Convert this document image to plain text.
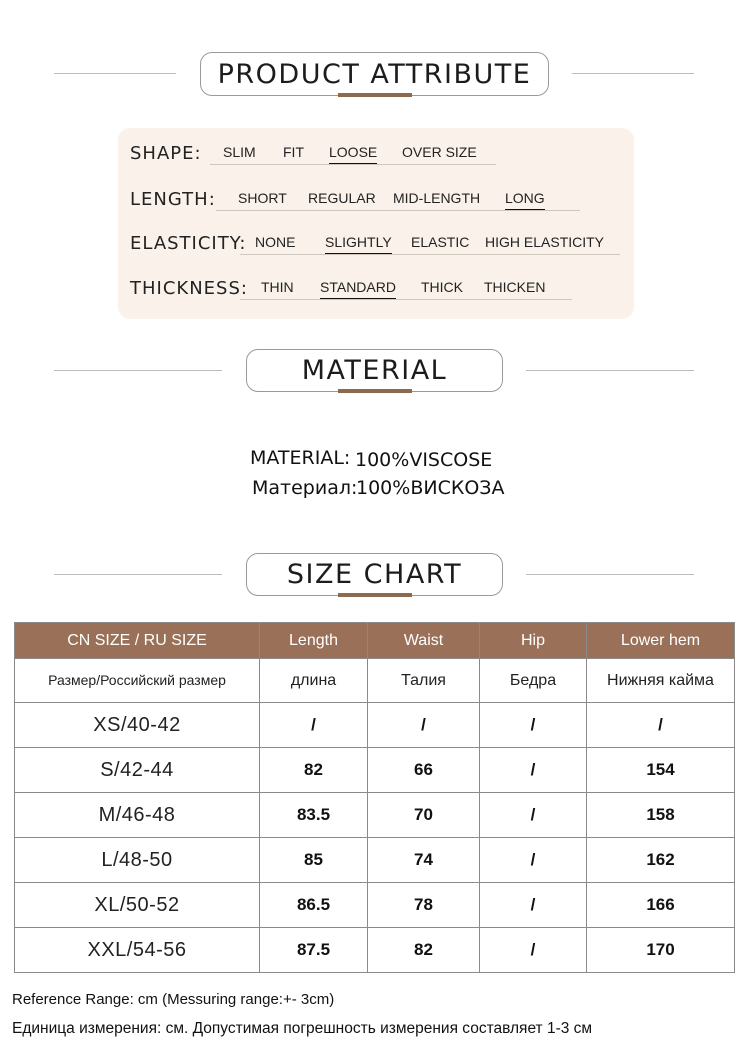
PRODUCT ATTRIBUTE
SHAPE: SLIM FIT LOOSE OVER SIZE
LENGTH: SHORT REGULAR MID-LENGTH LONG
ELASTICITY: NONE SLIGHTLY ELASTIC HIGH ELASTICITY
THICKNESS: THIN STANDARD THICK THICKEN
MATERIAL
MATERIAL: 100%VISCOSE
Материал:
100%ВИСКОЗА
SIZE CHART
CN SIZE / RU SIZE	Length	Waist	Hip	Lower hem
Размер/Российский размер	длина	Талия	Бедра	Нижняя кайма
XS/40-42	/	/	/	/
S/42-44	82	66	/	154
M/46-48	83.5	70	/	158
L/48-50	85	74	/	162
XL/50-52	86.5	78	/	166
XXL/54-56	87.5	82	/	170
Reference Range: cm (Messuring range:+- 3cm)
Единица измерения: см. Допустимая погрешность измерения составляет 1-3 см
